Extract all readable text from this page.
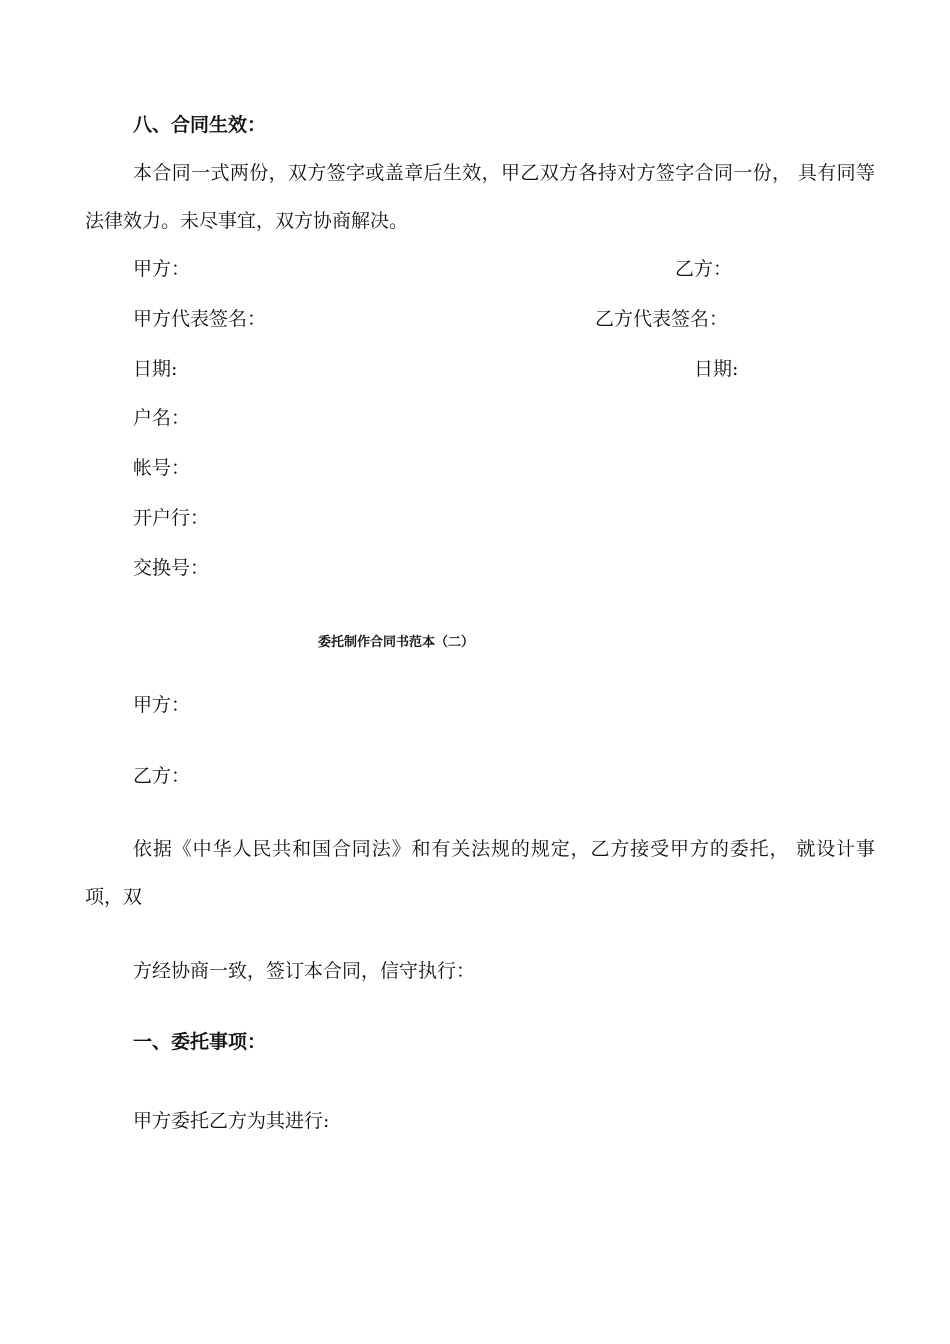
八、合同生效：
本合同一式两份，双方签字或盖章后生效，甲乙双方各持对方签字合同一份， 具有同等法律效力。未尽事宜，双方协商解决。
甲方：	乙方：
甲方代表签名：	乙方代表签名：
日期:	日期:
户名：
帐号：
开户行：
交换号：
委托制作合同书范本（二）
甲方：
乙方：
依据《中华人民共和国合同法》和有关法规的规定，乙方接受甲方的委托， 就设计事项，双
方经协商一致，签订本合同，信守执行：
一、委托事项：
甲方委托乙方为其进行:
